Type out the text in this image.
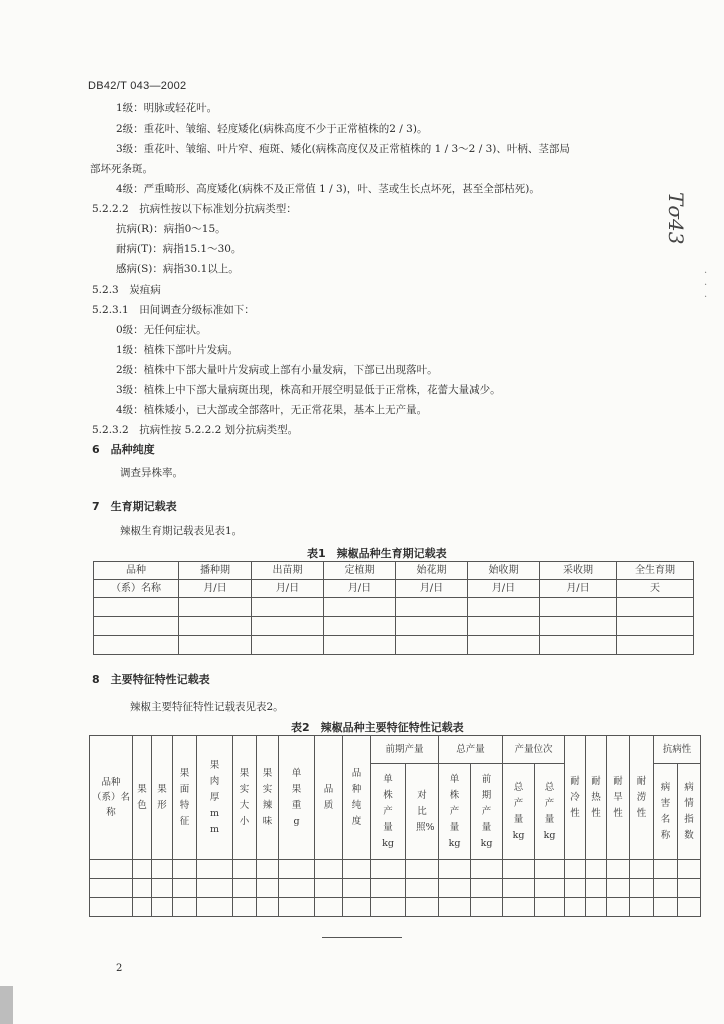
DB42/T 043—2002
1级：明脉或轻花叶。
2级：重花叶、皱缩、轻度矮化(病株高度不少于正常植株的2 / 3)。
3级：重花叶、皱缩、叶片窄、疱斑、矮化(病株高度仅及正常植株的 1 / 3～2 / 3)、叶柄、茎部局
部坏死条斑。
4级：严重畸形、高度矮化(病株不及正常值 1 / 3)，叶、茎或生长点坏死，甚至全部枯死)。
5.2.2.2　抗病性按以下标准划分抗病类型：
抗病(R)：病指0～15。
耐病(T)：病指15.1～30。
感病(S)：病指30.1以上。
5.2.3　炭疽病
5.2.3.1　田间调查分级标准如下：
0级：无任何症状。
1级：植株下部叶片发病。
2级：植株中下部大量叶片发病或上部有小量发病，下部已出现落叶。
3级：植株上中下部大量病斑出现，株高和开展空明显低于正常株，花蕾大量减少。
4级：植株矮小，已大部或全部落叶，无正常花果，基本上无产量。
5.2.3.2　抗病性按 5.2.2.2 划分抗病类型。
6　品种纯度
调查异株率。
7　生育期记载表
辣椒生育期记载表见表1。
表1　辣椒品种生育期记载表
品种	播种期	出苗期	定植期	始花期	始收期	采收期	全生育期
（系）名称	月/日	月/日	月/日	月/日	月/日	月/日	天

8　主要特征特性记载表
辣椒主要特征特性记载表见表2。
表2　辣椒品种主要特征特性记载表
品种（系）名称	果色	果形	果面特征	果肉厚mm	果实大小	果实辣味	单果重g	品质	品种纯度	前期产量		总产量		产量位次		耐冷性	耐热性	耐旱性	耐涝性	抗病性	
										单株产量kg	对比照%	单株产量kg	前期产量kg	总产量kg	总产量kg					病害名称	病情指数

2
Tσ43
·
·
·
